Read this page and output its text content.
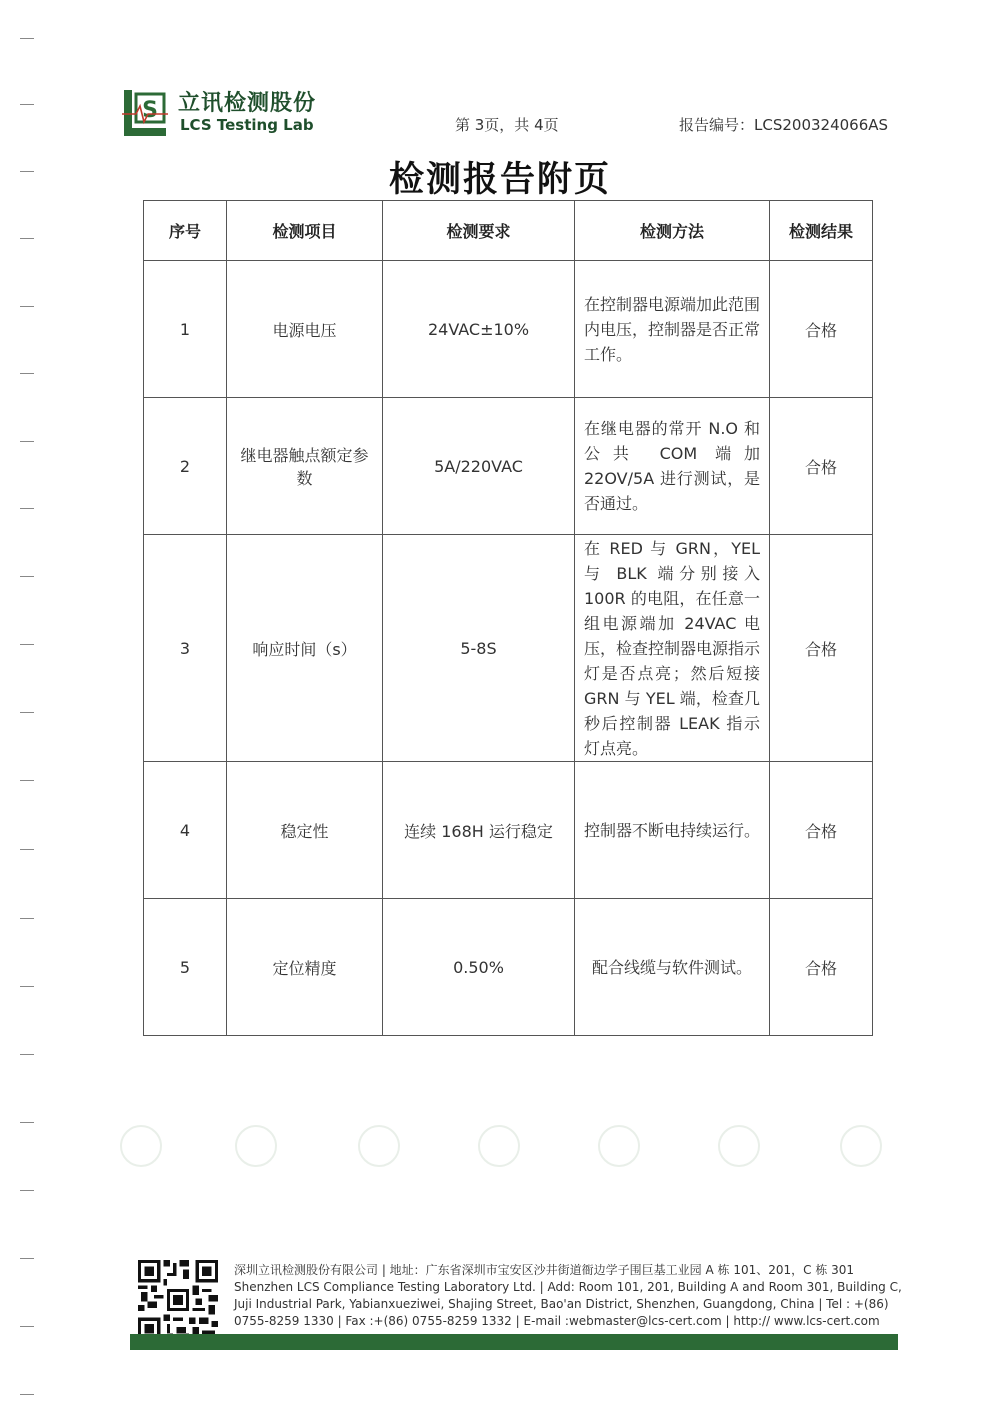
S 立讯检测股份
LCS Testing Lab	第 3页，共 4页	报告编号：LCS200324066AS
检测报告附页
序号	检测项目	检测要求	检测方法	检测结果
1	电源电压	24VAC±10%	在控制器电源端加此范围内电压，控制器是否正常工作。	合格
2	继电器触点额定参数	5A/220VAC	在继电器的常开 N.O 和公共 COM 端加 22OV/5A 进行测试，是否通过。	合格
3	响应时间（s）	5-8S	在 RED 与 GRN，YEL 与 BLK 端分别接入 100R 的电阻，在任意一组电源端加 24VAC 电压，检查控制器电源指示灯是否点亮；然后短接 GRN 与 YEL 端，检查几秒后控制器 LEAK 指示灯点亮。	合格
4	稳定性	连续 168H 运行稳定	控制器不断电持续运行。	合格
5	定位精度	0.50%	配合线缆与软件测试。	合格
深圳立讯检测股份有限公司 | 地址：广东省深圳市宝安区沙井街道衙边学子围巨基工业园 A 栋 101、201，C 栋 301
Shenzhen LCS Compliance Testing Laboratory Ltd. | Add: Room 101, 201, Building A and Room 301, Building C,
Juji Industrial Park, Yabianxueziwei, Shajing Street, Bao'an District, Shenzhen, Guangdong, China | Tel : +(86)
0755-8259 1330 | Fax :+(86) 0755-8259 1332 | E-mail :webmaster@lcs-cert.com | http:// www.lcs-cert.com
